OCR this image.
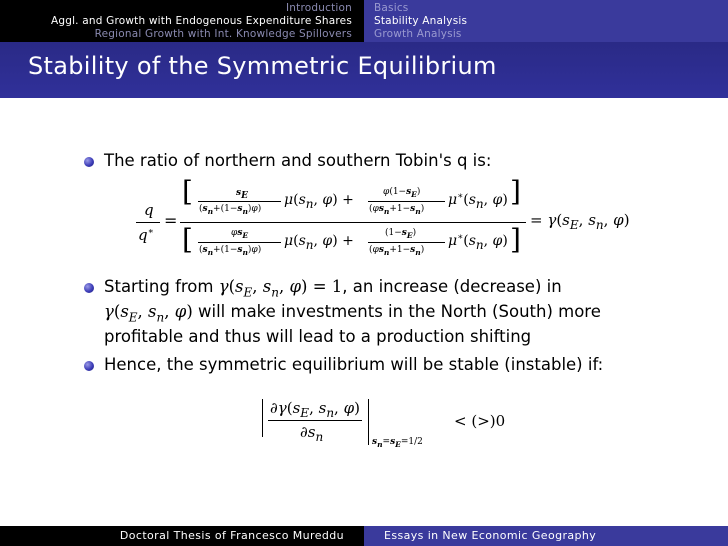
Introduction
Aggl. and Growth with Endogenous Expenditure Shares
Regional Growth with Int. Knowledge Spillovers
Basics
Stability Analysis
Growth Analysis
Stability of the Symmetric Equilibrium
The ratio of northern and southern Tobin's q is:
q
q∗
=
[	]
[	]
$s_E$
$(s_n+(1-s_n)\varphi)$
$\mu(s_n$, φ) +	$\varphi(1-s_E)$
$(\varphi s_n+1-s_n)$
$\mu^∗(s_n$, φ)
$\varphi s_E$
$(s_n+(1-s_n)\varphi)$
$\mu(s_n$, φ) +	$(1-s_E)$
$(\varphi s_n+1-s_n)$
$\mu^∗(s_n$, φ)
= $\gamma(s_E$, $s_n$, φ)
Starting from $\gamma(s_E$, $s_n$, φ) = 1, an increase (decrease) in
$\gamma(s_E$, $s_n$, φ) will make investments in the North (South) more
profitable and thus will lead to a production shifting
Hence, the symmetric equilibrium will be stable (instable) if:
$\partial\gamma(s_E$, $s_n$, φ)
$\partial s_n$	$s_n=s_E=1/2$
< (>)0
Doctoral Thesis of Francesco Mureddu	Essays in New Economic Geography
